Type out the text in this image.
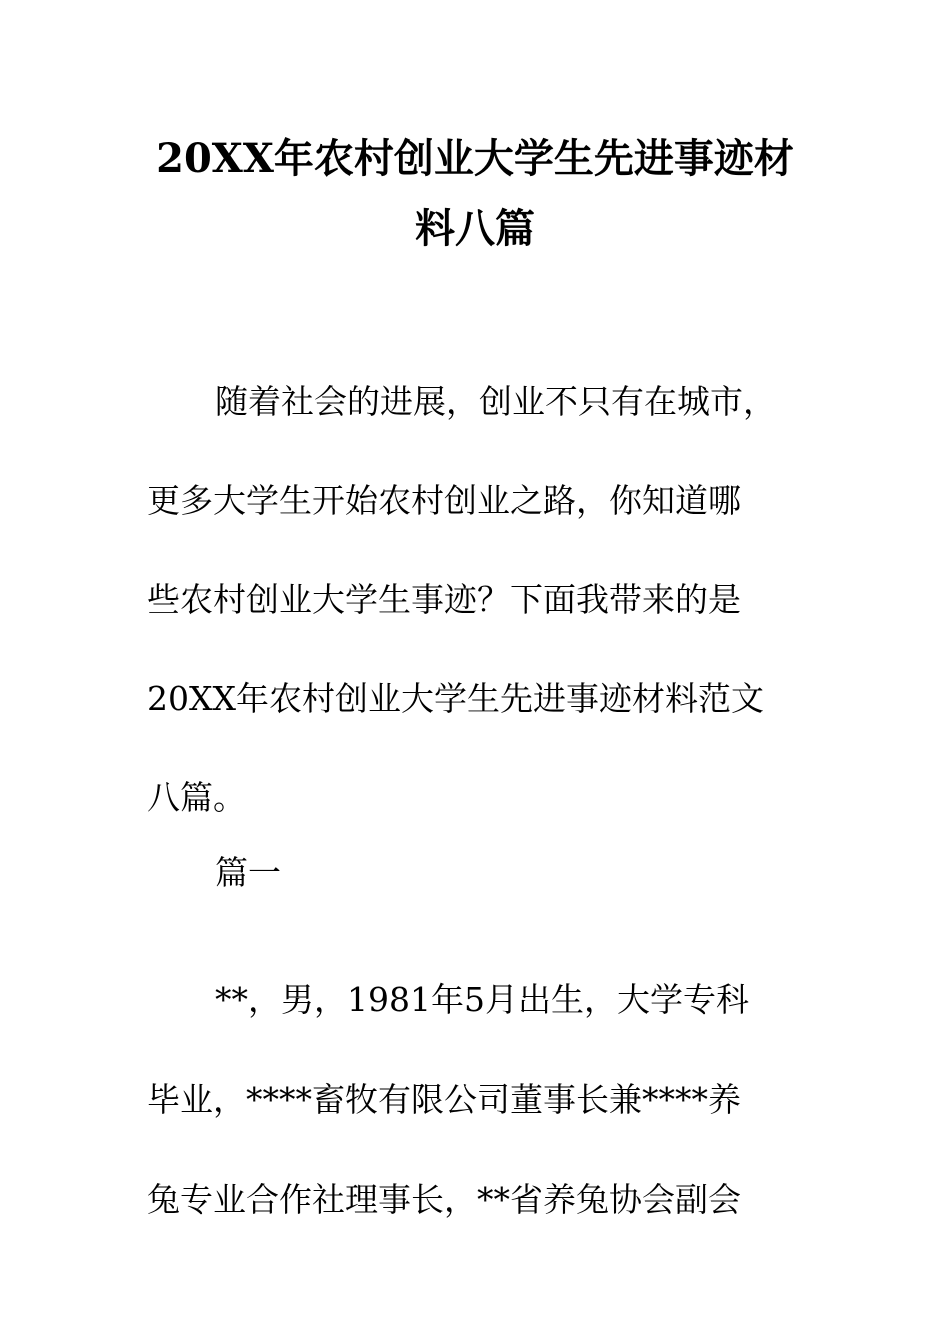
20XX年农村创业大学生先进事迹材
料八篇
随着社会的进展，创业不只有在城市，
更多大学生开始农村创业之路，你知道哪
些农村创业大学生事迹？下面我带来的是
20XX年农村创业大学生先进事迹材料范文
八篇。
篇一
**，男，1981年5月出生，大学专科
毕业，****畜牧有限公司董事长兼****养
兔专业合作社理事长，**省养兔协会副会
